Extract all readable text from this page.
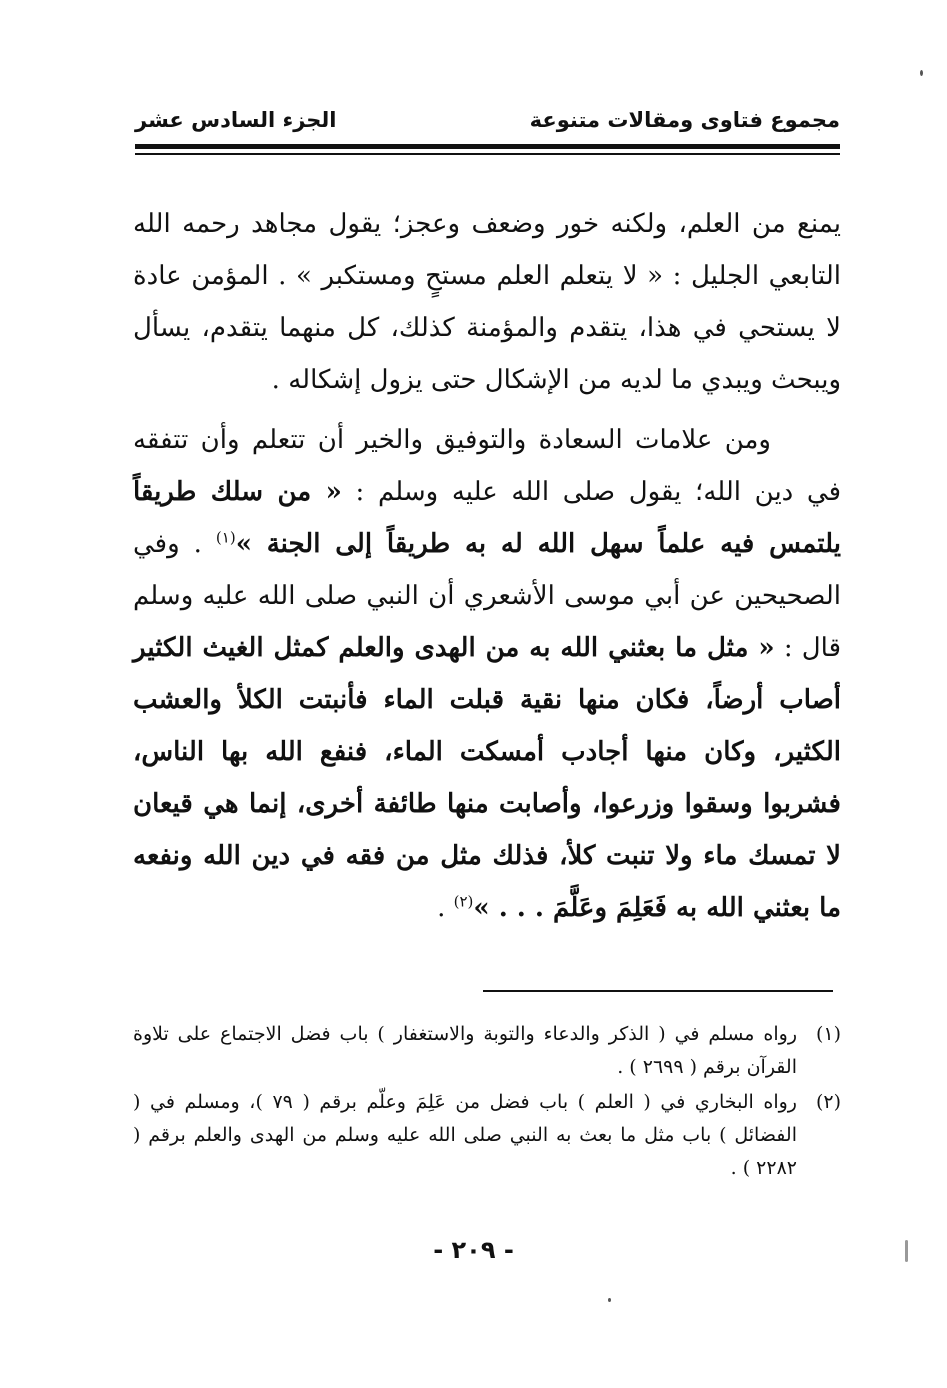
مجموع فتاوى ومقالات متنوعة
الجزء السادس عشر

يمنع من العلم، ولكنه خور وضعف وعجز؛ يقول مجاهد رحمه الله التابعي الجليل : « لا يتعلم العلم مستحٍ ومستكبر » . المؤمن عادة لا يستحي في هذا، يتقدم والمؤمنة كذلك، كل منهما يتقدم، يسأل ويبحث ويبدي ما لديه من الإشكال حتى يزول إشكاله .

ومن علامات السعادة والتوفيق والخير أن تتعلم وأن تتفقه في دين الله؛ يقول صلى الله عليه وسلم : « من سلك طريقاً يلتمس فيه علماً سهل الله له به طريقاً إلى الجنة »$^{(١)}$ . وفي الصحيحين عن أبي موسى الأشعري أن النبي صلى الله عليه وسلم قال : « مثل ما بعثني الله به من الهدى والعلم كمثل الغيث الكثير أصاب أرضاً، فكان منها نقية قبلت الماء فأنبتت الكلأ والعشب الكثير، وكان منها أجادب أمسكت الماء، فنفع الله بها الناس، فشربوا وسقوا وزرعوا، وأصابت منها طائفة أخرى، إنما هي قيعان لا تمسك ماء ولا تنبت كلأ، فذلك مثل من فقه في دين الله ونفعه ما بعثني الله به فَعَلِمَ وعَلَّمَ . . . »$^{(٢)}$ .

(١)
رواه مسلم في ( الذكر والدعاء والتوبة والاستغفار ) باب فضل الاجتماع على تلاوة القرآن برقم ( ٢٦٩٩ ) .
(٢)
رواه البخاري في ( العلم ) باب فضل من عَلِمَ وعلّم برقم ( ٧٩ )، ومسلم في ( الفضائل ) باب مثل ما بعث به النبي صلى الله عليه وسلم من الهدى والعلم برقم ( ٢٢٨٢ ) .
- ٢٠٩ -
